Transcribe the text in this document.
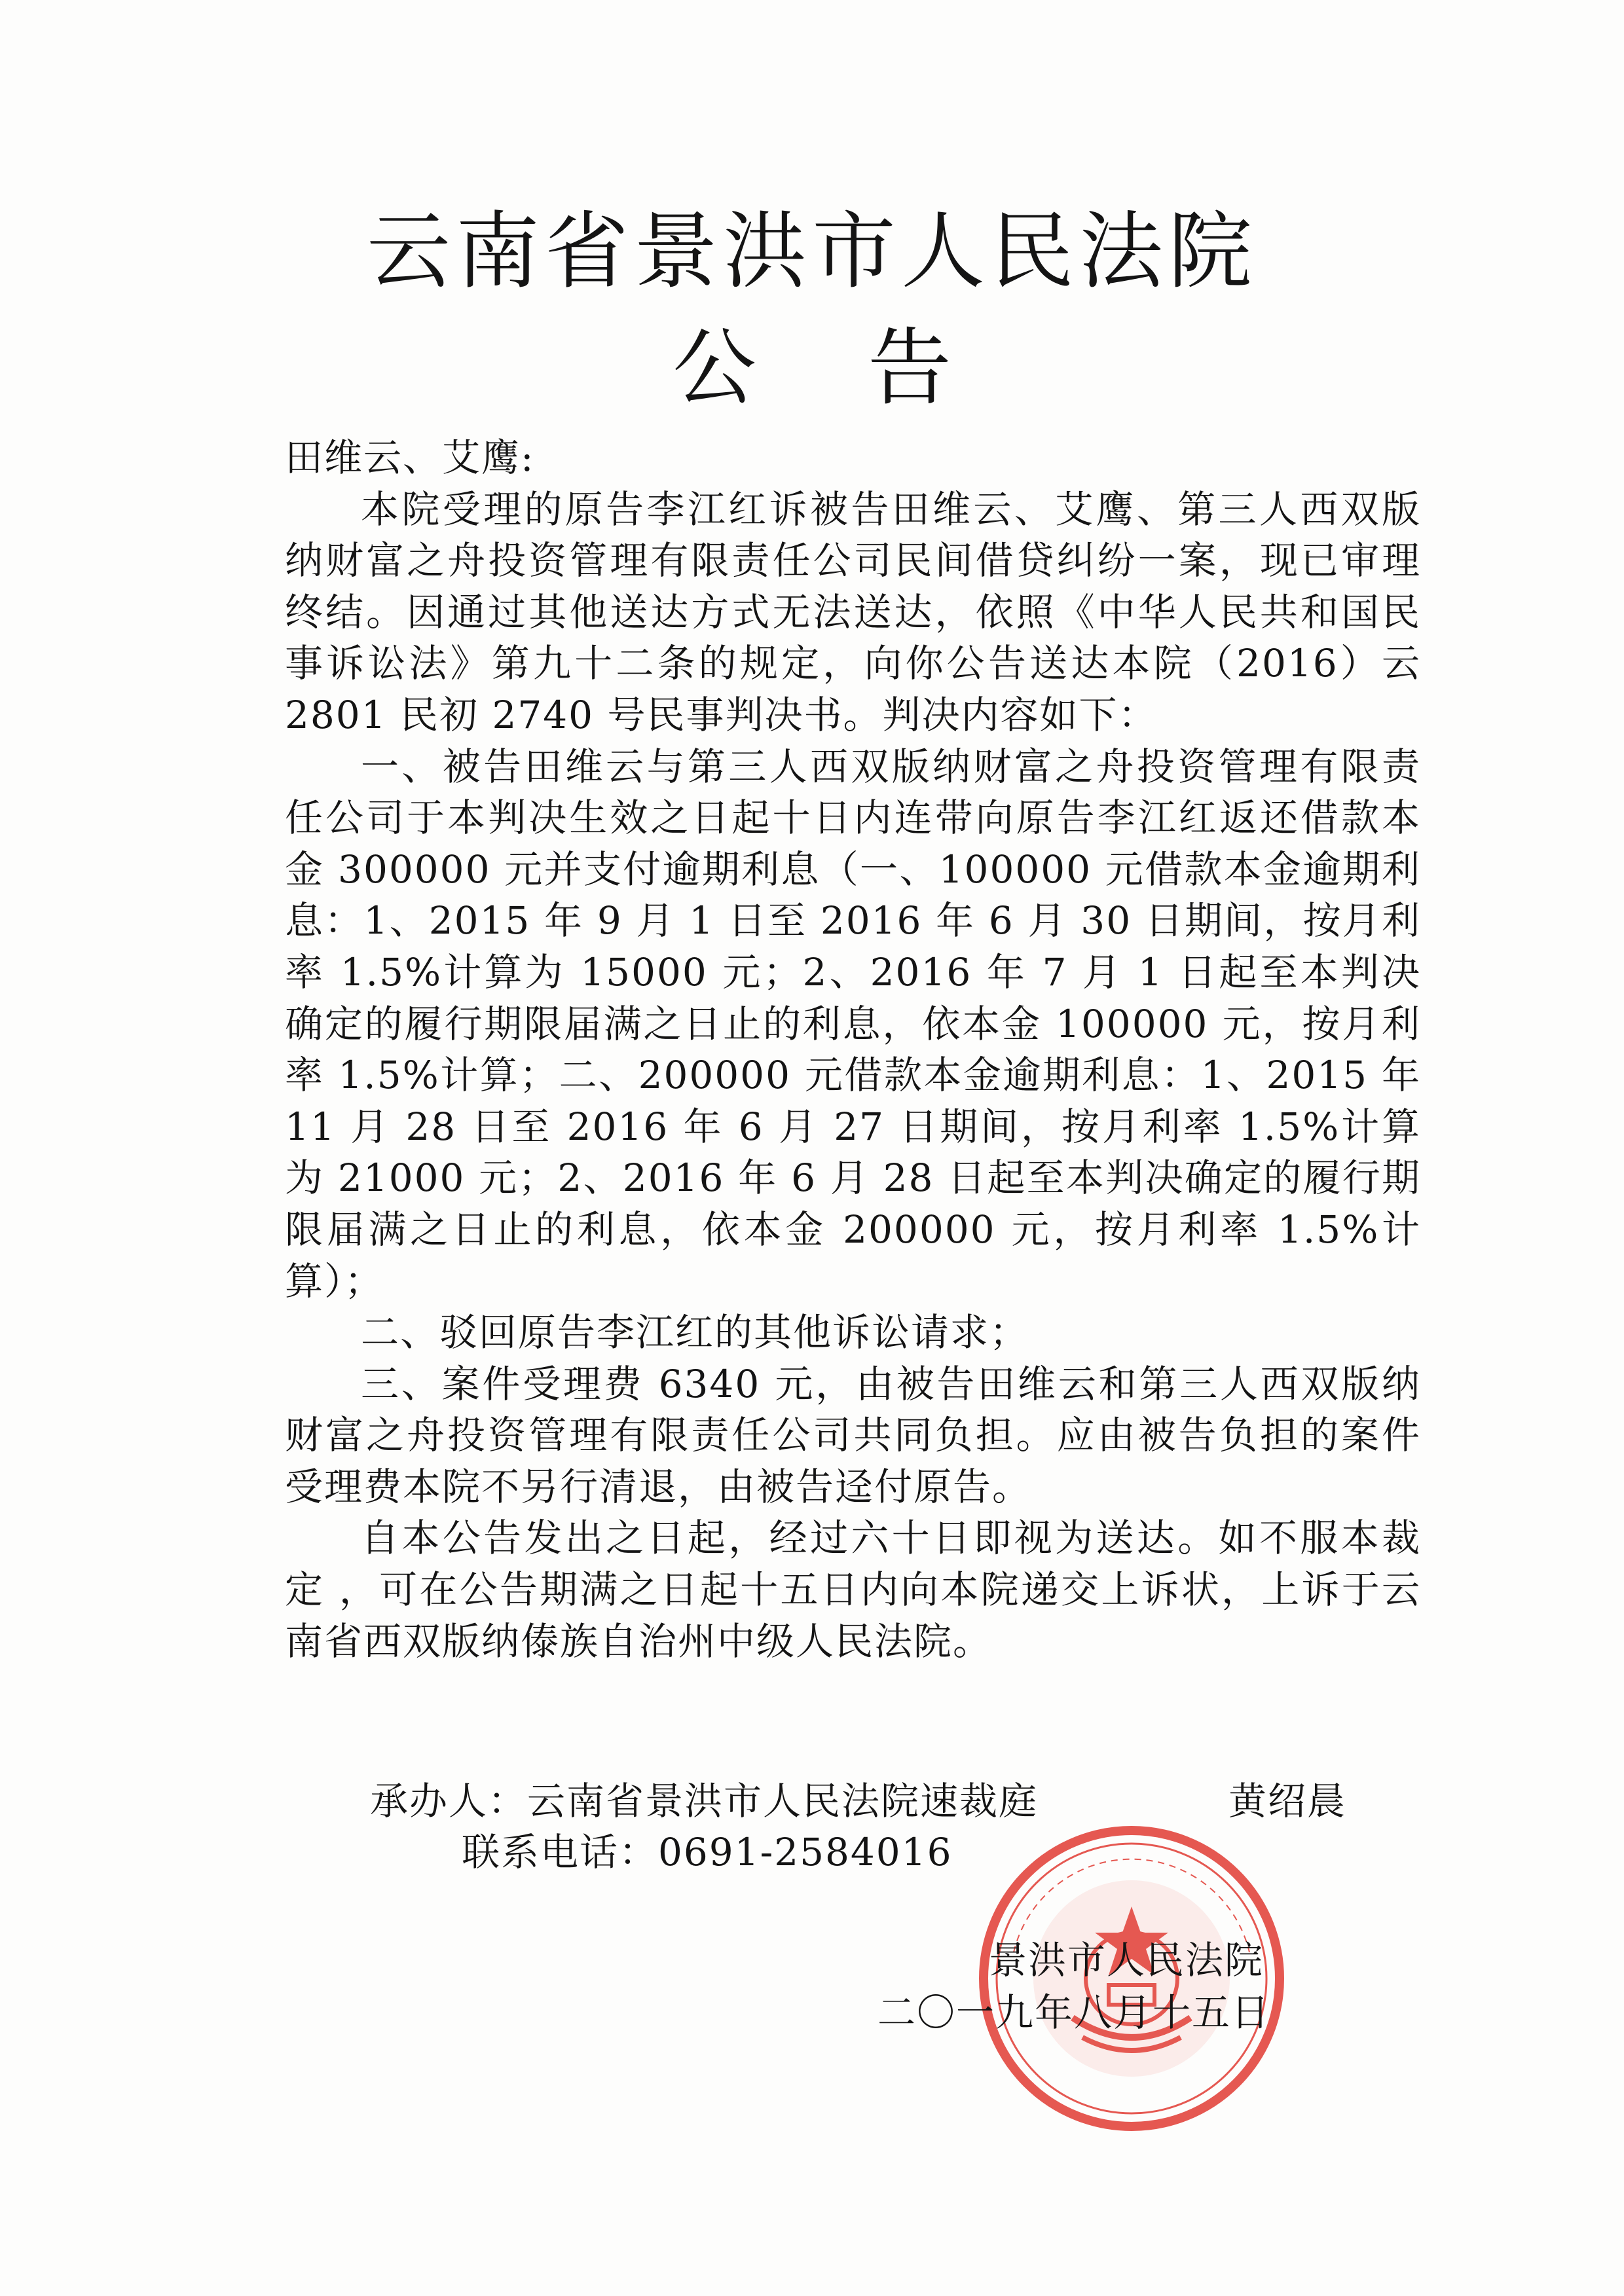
云南省景洪市人民法院
公告

田维云、艾鹰:

本院受理的原告李江红诉被告田维云、艾鹰、第三人西双版纳财富之舟投资管理有限责任公司民间借贷纠纷一案，现已审理终结。因通过其他送达方式无法送达，依照《中华人民共和国民事诉讼法》第九十二条的规定，向你公告送达本院（2016）云 2801 民初 2740 号民事判决书。判决内容如下：

一、被告田维云与第三人西双版纳财富之舟投资管理有限责任公司于本判决生效之日起十日内连带向原告李江红返还借款本金 300000 元并支付逾期利息（一、100000 元借款本金逾期利息：1、2015 年 9 月 1 日至 2016 年 6 月 30 日期间，按月利率 1.5%计算为 15000 元；2、2016 年 7 月 1 日起至本判决确定的履行期限届满之日止的利息，依本金 100000 元，按月利率 1.5%计算；二、200000 元借款本金逾期利息：1、2015 年 11 月 28 日至 2016 年 6 月 27 日期间，按月利率 1.5%计算为 21000 元；2、2016 年 6 月 28 日起至本判决确定的履行期限届满之日止的利息，依本金 200000 元，按月利率 1.5%计算）；

二、驳回原告李江红的其他诉讼请求；

三、案件受理费 6340 元，由被告田维云和第三人西双版纳财富之舟投资管理有限责任公司共同负担。应由被告负担的案件受理费本院不另行清退，由被告迳付原告。

自本公告发出之日起，经过六十日即视为送达。如不服本裁定 ，可在公告期满之日起十五日内向本院递交上诉状，上诉于云南省西双版纳傣族自治州中级人民法院。

承办人：云南省景洪市人民法院速裁庭	黄绍晨
联系电话：0691-2584016
景洪市人民法院
二〇一九年八月十五日
